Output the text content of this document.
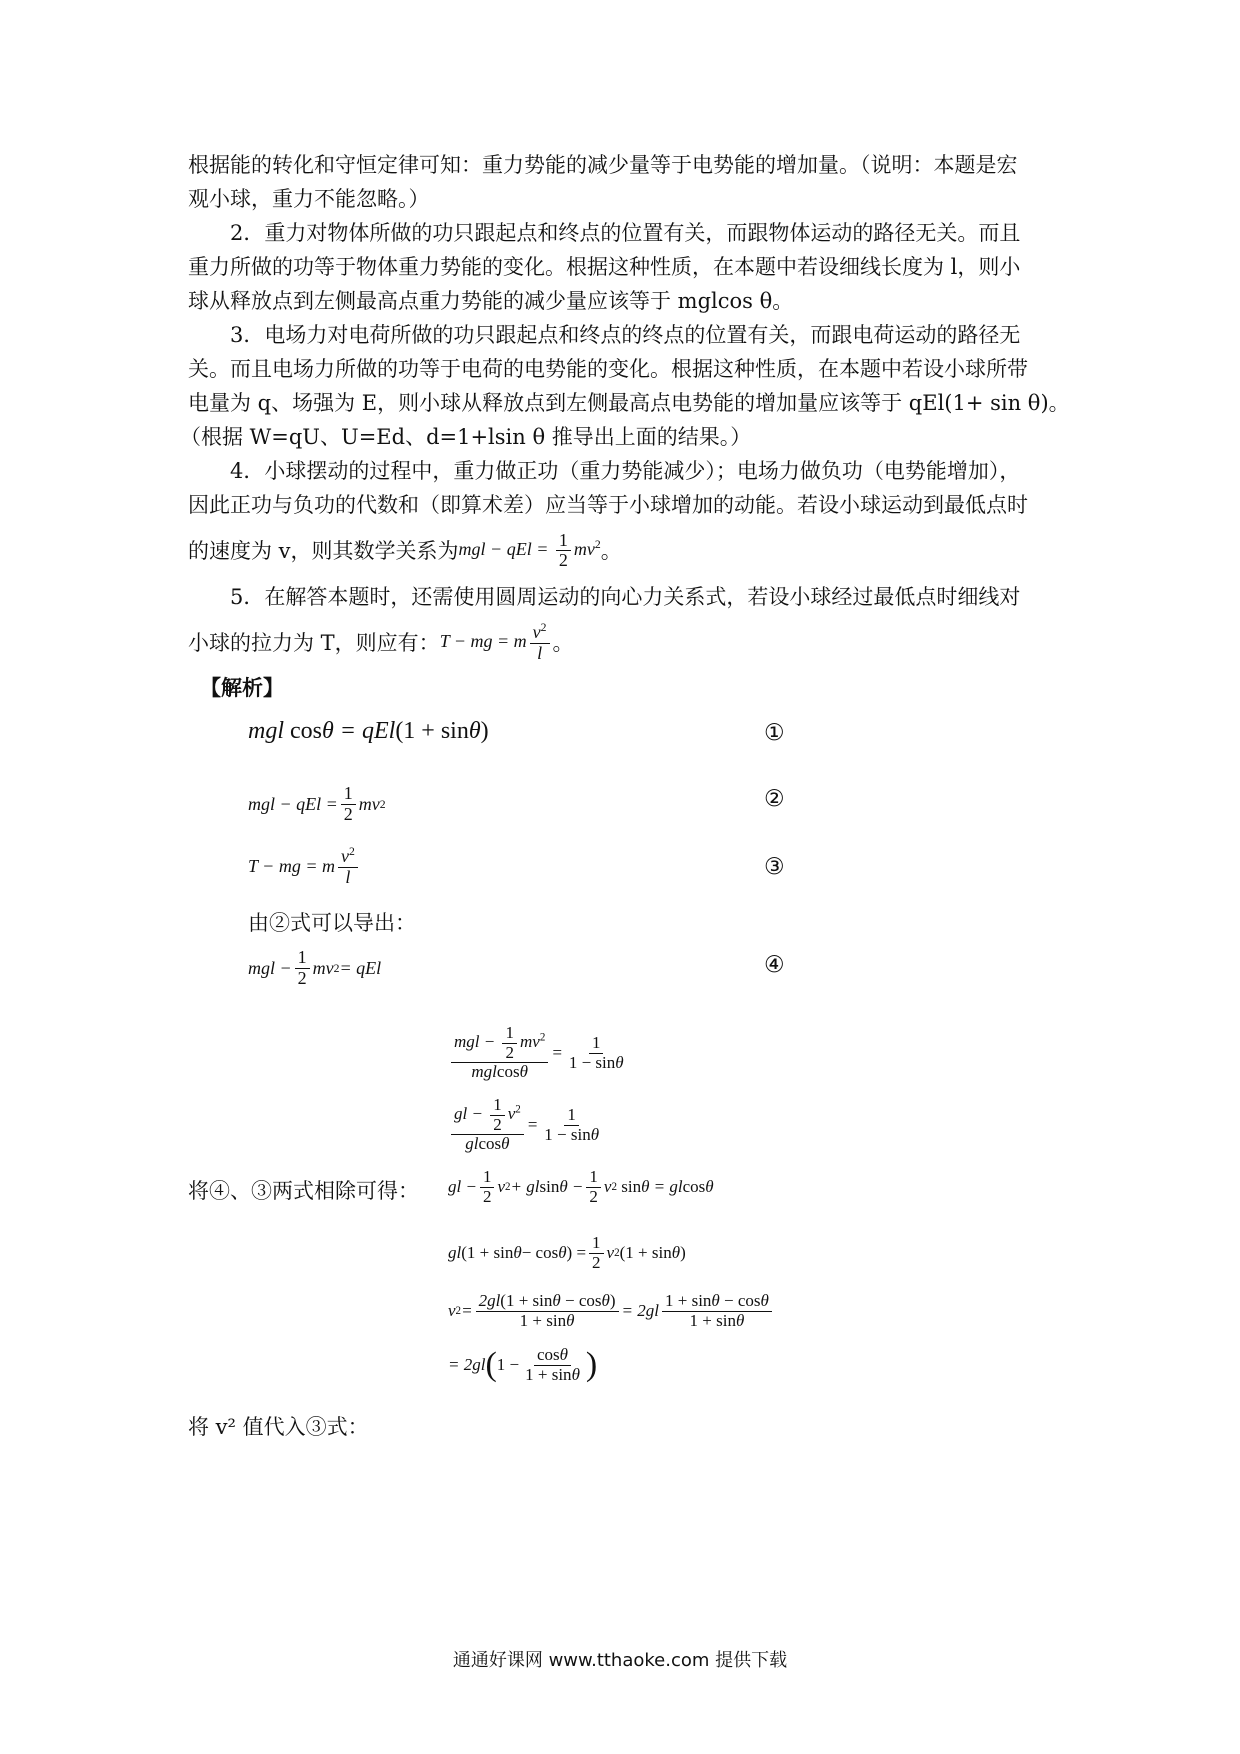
根据能的转化和守恒定律可知：重力势能的减少量等于电势能的增加量。（说明：本题是宏
观小球，重力不能忽略。）
2．重力对物体所做的功只跟起点和终点的位置有关，而跟物体运动的路径无关。而且
重力所做的功等于物体重力势能的变化。根据这种性质，在本题中若设细线长度为 l，则小
球从释放点到左侧最高点重力势能的减少量应该等于 mglcos θ。
3．电场力对电荷所做的功只跟起点和终点的终点的位置有关，而跟电荷运动的路径无
关。而且电场力所做的功等于电荷的电势能的变化。根据这种性质，在本题中若设小球所带
电量为 q、场强为 E，则小球从释放点到左侧最高点电势能的增加量应该等于 qEl(1+ sin θ)。
（根据 W=qU、U=Ed、d=1+lsin θ 推导出上面的结果。）
4．小球摆动的过程中，重力做正功（重力势能减少）；电场力做负功（电势能增加），
因此正功与负功的代数和（即算术差）应当等于小球增加的动能。若设小球运动到最低点时
的速度为 v，则其数学关系为 mgl − qEl = $\frac{1}{2} mv^2$ 。
5．在解答本题时，还需使用圆周运动的向心力关系式，若设小球经过最低点时细线对
小球的拉力为 T，则应有： T − mg = m $\frac{v^2}{l}$ 。
【解析】
mgl cos θ = qEl (1 + sin θ )	①
mgl − qEl = $\frac{1}{2}$ mv 2	②
T − mg = m $\frac{v^2}{l}$	③
由②式可以导出：
mgl − $\frac{1}{2}$ mv 2 = qEl	④
$\frac{mgl - \frac{1}{2} mv^2}{\text{mglcosθ}} = \frac{1}{1 - \sin\theta}$
$\frac{gl - \frac{1}{2} v^2}{glcos\theta} = \frac{1}{1 - \sin\theta}$
将④、③两式相除可得： gl − $\frac{1}{2}$ v 2 + gl $\sin \theta - \frac{1}{2}$ v 2 sin θ = gl cos θ
gl (1 + sin θ − cos θ ) = $\frac{1}{2}$ v 2 (1 + sin θ )
v $2 = \frac{2gl(1 + \sin\theta - \cos\theta)}{1 + \sin\theta} = 2gl \frac{1 + \sin\theta - \cos\theta}{1 + \sin\theta}$
= 2gl ( $1 - \frac{\cos\theta}{1 + \sin\theta}$ )
将 v² 值代入③式：
通通好课网 www.tthaoke.com 提供下载
